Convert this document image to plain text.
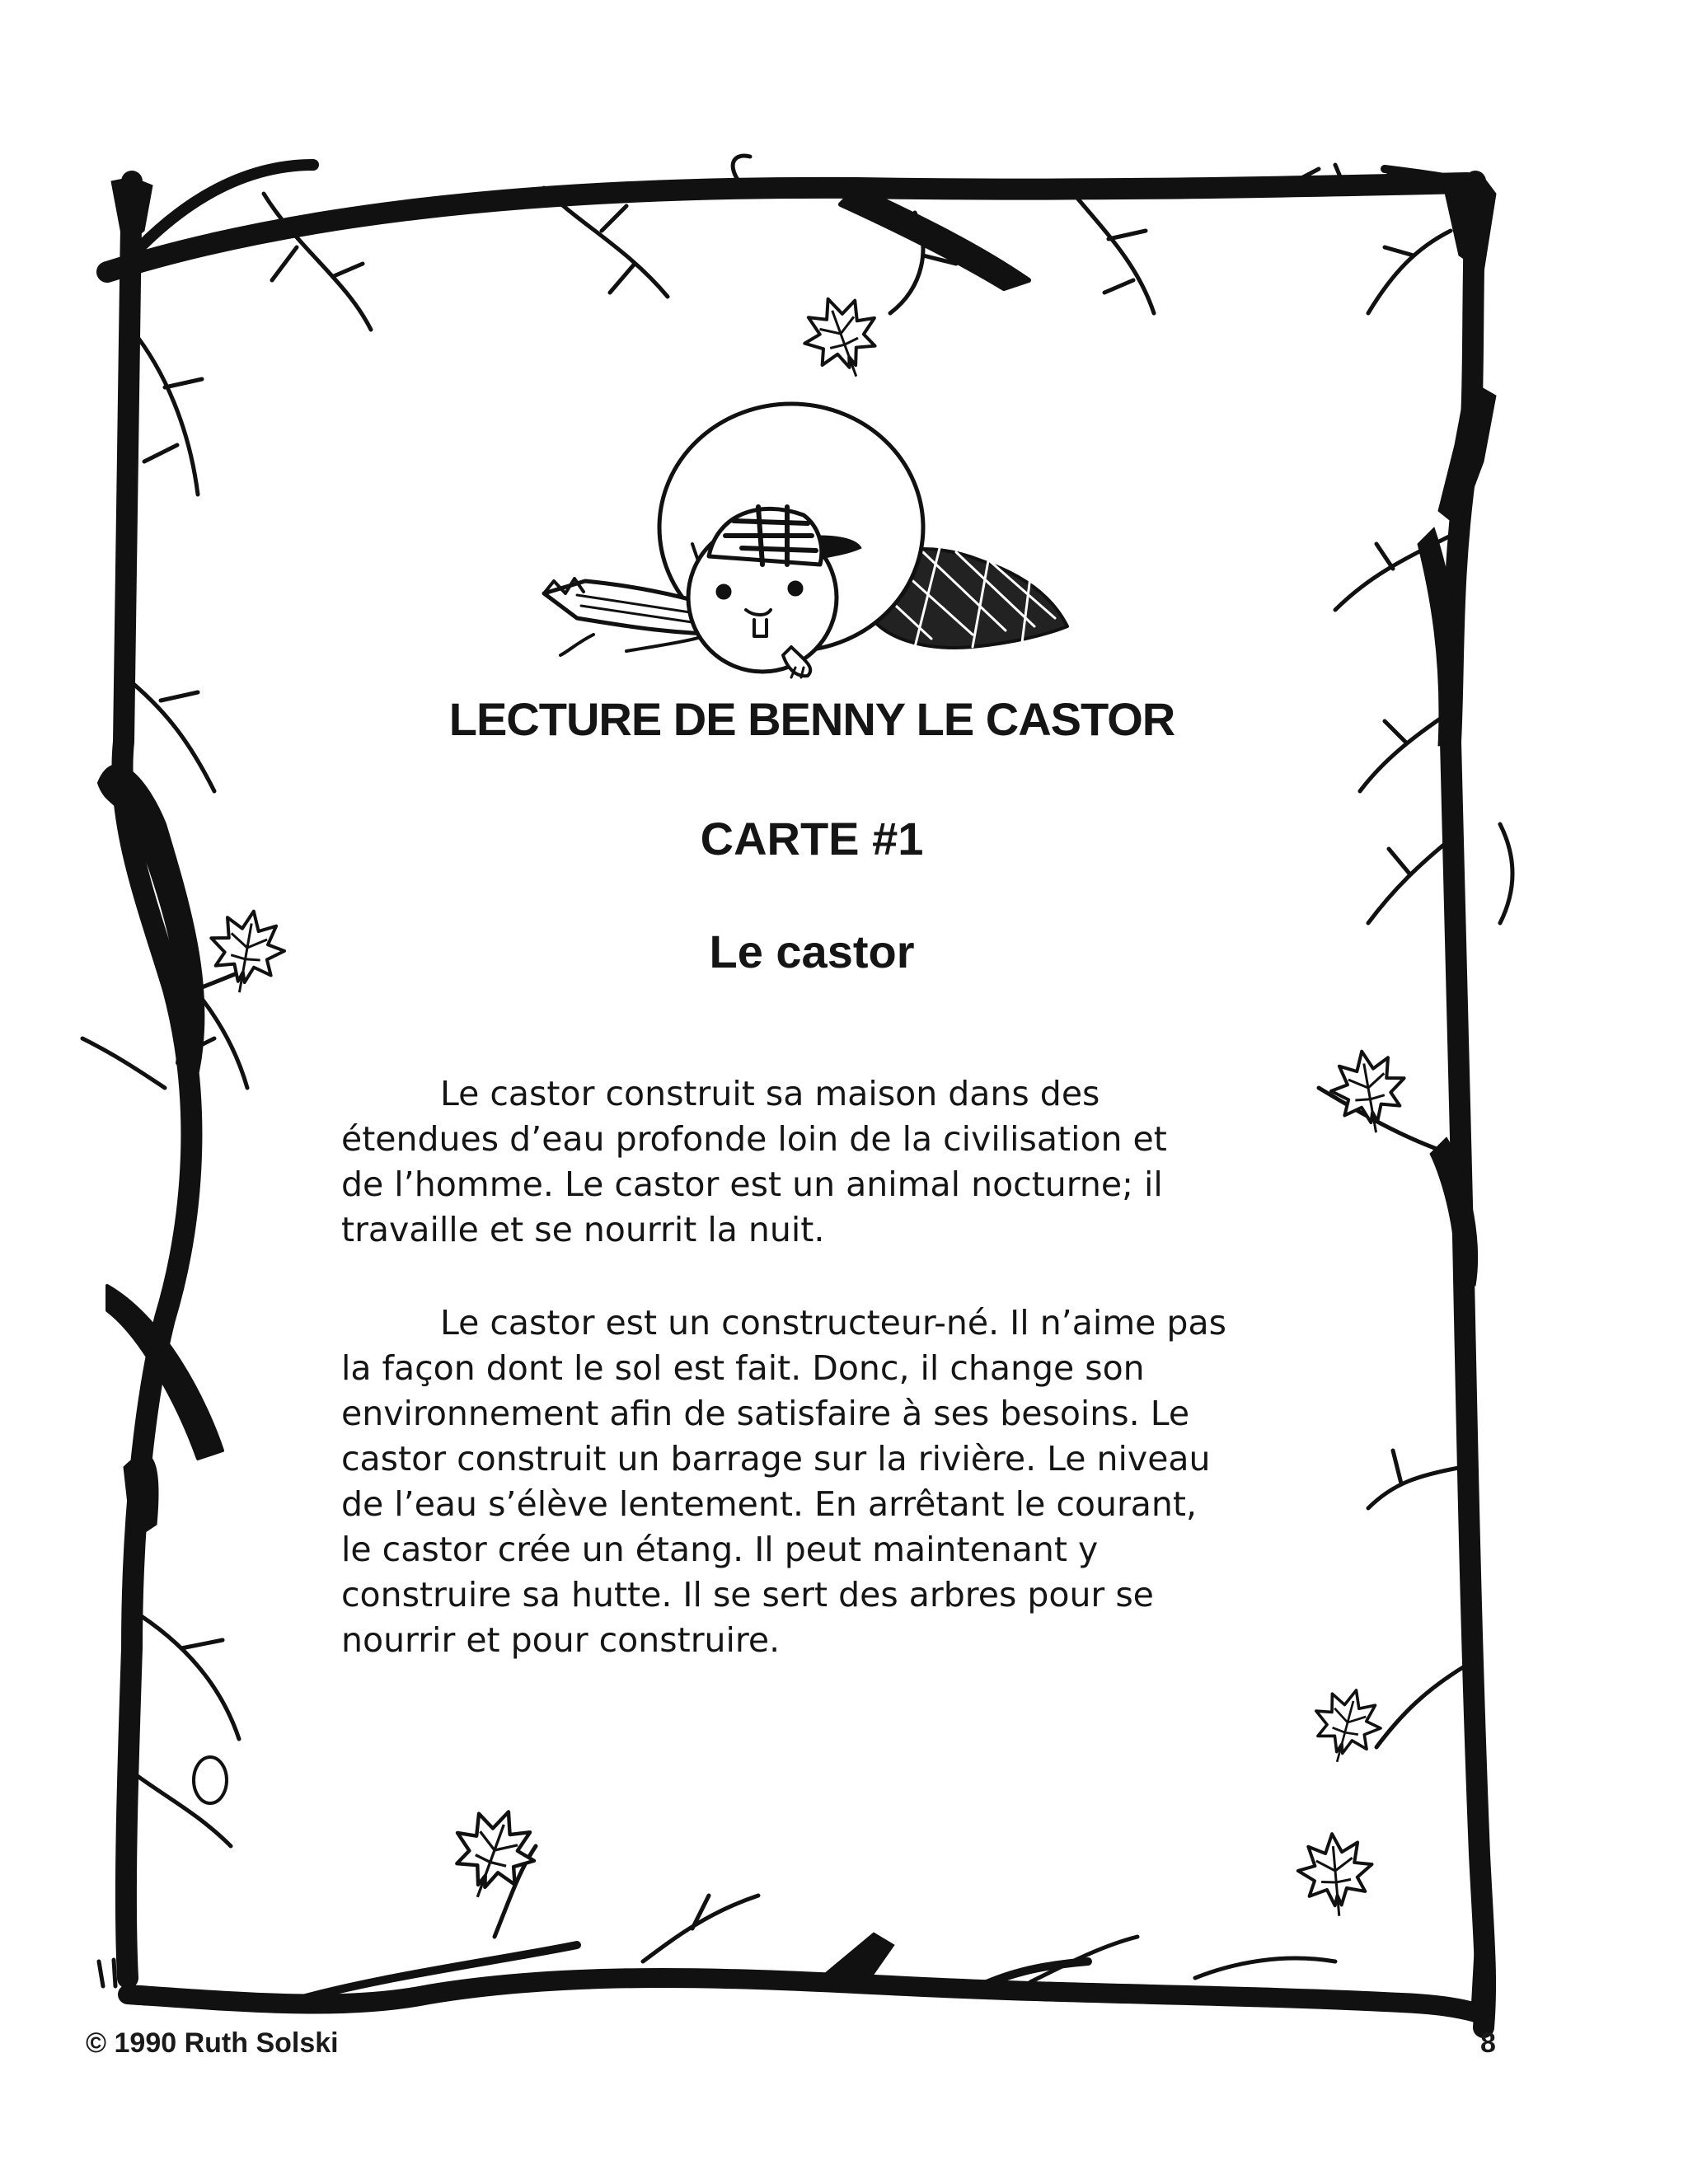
LECTURE DE BENNY LE CASTOR
CARTE #1
Le castor

Le castor construit sa maison dans des
étendues d’eau profonde loin de la civilisation et
de l’homme. Le castor est un animal nocturne; il
travaille et se nourrit la nuit.

Le castor est un constructeur-né. Il n’aime pas
la façon dont le sol est fait. Donc, il change son
environnement afin de satisfaire à ses besoins. Le
castor construit un barrage sur la rivière. Le niveau
de l’eau s’élève lentement. En arrêtant le courant,
le castor crée un étang. Il peut maintenant y
construire sa hutte. Il se sert des arbres pour se
nourrir et pour construire.

© 1990 Ruth Solski	8
